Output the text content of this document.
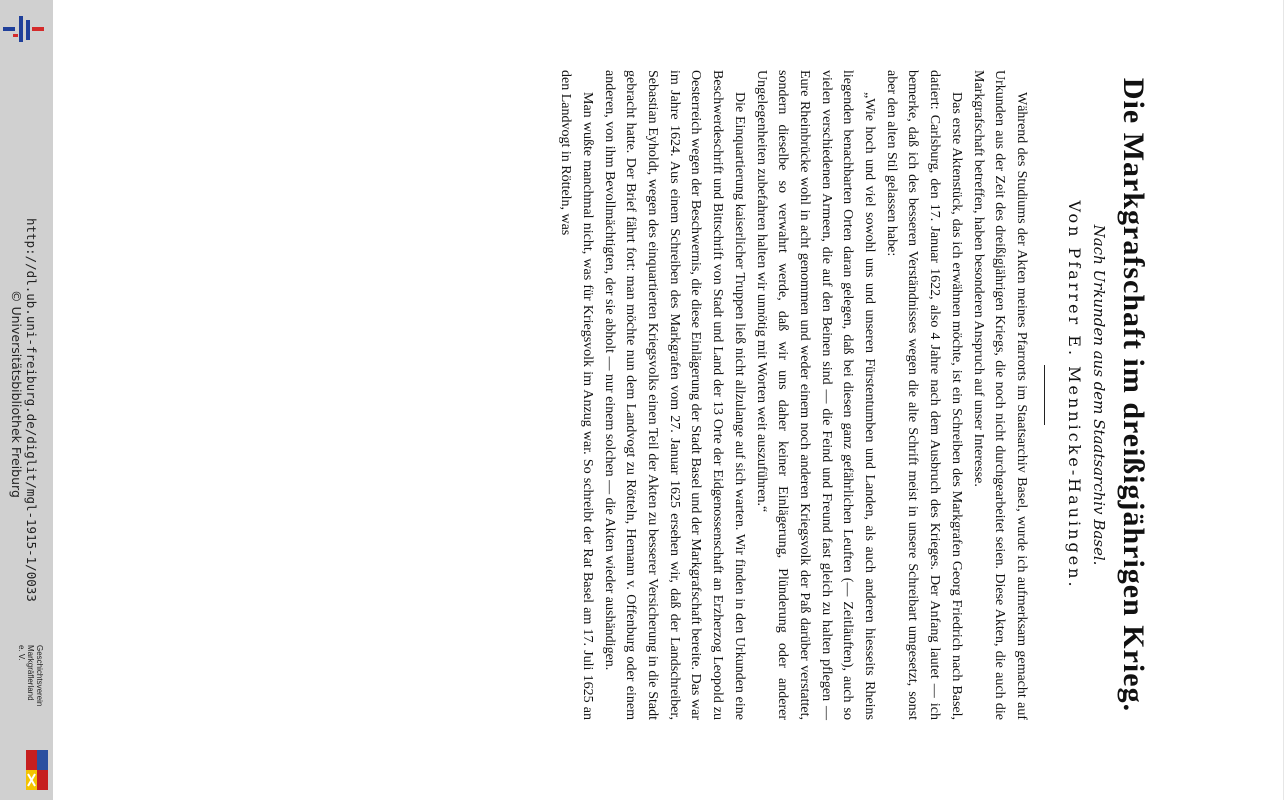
http://dl.ub.uni-freiburg.de/diglit/mgl-1915-1/0033
© Universitätsbibliothek Freiburg
Geschichtsverein
Markgräflerland e. V.	Die Markgrafschaft im dreißigjährigen Krieg.

Nach Urkunden aus dem Staatsarchiv Basel.

Von Pfarrer E. Mennicke-Hauingen.

Während des Studiums der Akten meines Pfarrorts im Staatsarchiv Basel, wurde ich aufmerksam gemacht auf Urkunden aus der Zeit des dreißigjährigen Kriegs, die noch nicht durchgearbeitet seien. Diese Akten, die auch die Markgrafschaft betreffen, haben besonderen Anspruch auf unser Interesse.

Das erste Aktenstück, das ich erwähnen möchte, ist ein Schreiben des Markgrafen Georg Friedrich nach Basel, datiert: Carlsburg, den 17. Januar 1622, also 4 Jahre nach dem Ausbruch des Krieges. Der Anfang lautet — ich bemerke, daß ich des besseren Verständnisses wegen die alte Schrift meist in unsere Schreibart umgesetzt, sonst aber den alten Stil gelassen habe:

„Wie hoch und viel sowohl uns und unseren Fürstentumben und Landen, als auch anderen hiesseits Rheins liegenden benachbarten Orten daran gelegen, daß bei diesen ganz gefährlichen Leuften (— Zeitläuften), auch so vielen verschiedenen Armeen, die auf den Beinen sind — die Feind und Freund fast gleich zu halten pflegen — Eure Rheinbrücke wohl in acht genommen und weder einem noch anderen Kriegsvolk der Paß darüber verstattet, sondern dieselbe so verwahrt werde, daß wir uns daher keiner Einlägerung, Plünderung oder anderer Ungelegenheiten zubefahren halten wir unnötig mit Worten weit auszuführen.“

Die Einquartierung kaiserlicher Truppen ließ nicht allzulange auf sich warten. Wir finden in den Urkunden eine Beschwerdeschrift und Bittschrift von Stadt und Land der 13 Orte der Eidgenossenschaft an Erzherzog Leopold zu Oesterreich wegen der Beschwernis, die diese Einlägerung der Stadt Basel und der Markgrafschaft bereite. Das war im Jahre 1624. Aus einem Schreiben des Markgrafen vom 27. Januar 1625 ersehen wir, daß der Landschreiber, Sebastian Eyholdt, wegen des einquartierten Kriegsvolks einen Teil der Akten zu besserer Versicherung in die Stadt gebracht hatte. Der Brief fährt fort: man möchte nun dem Landvogt zu Rötteln, Hemann v. Offenburg oder einem anderen, von ihm Bevollmächtigten, der sie abholt — nur einem solchen — die Akten wieder aushändigen.

Man wußte manchmal nicht, was für Kriegsvolk im Anzug war. So schreibt der Rat Basel am 17. Juli 1625 an den Landvogt in Rötteln, was
